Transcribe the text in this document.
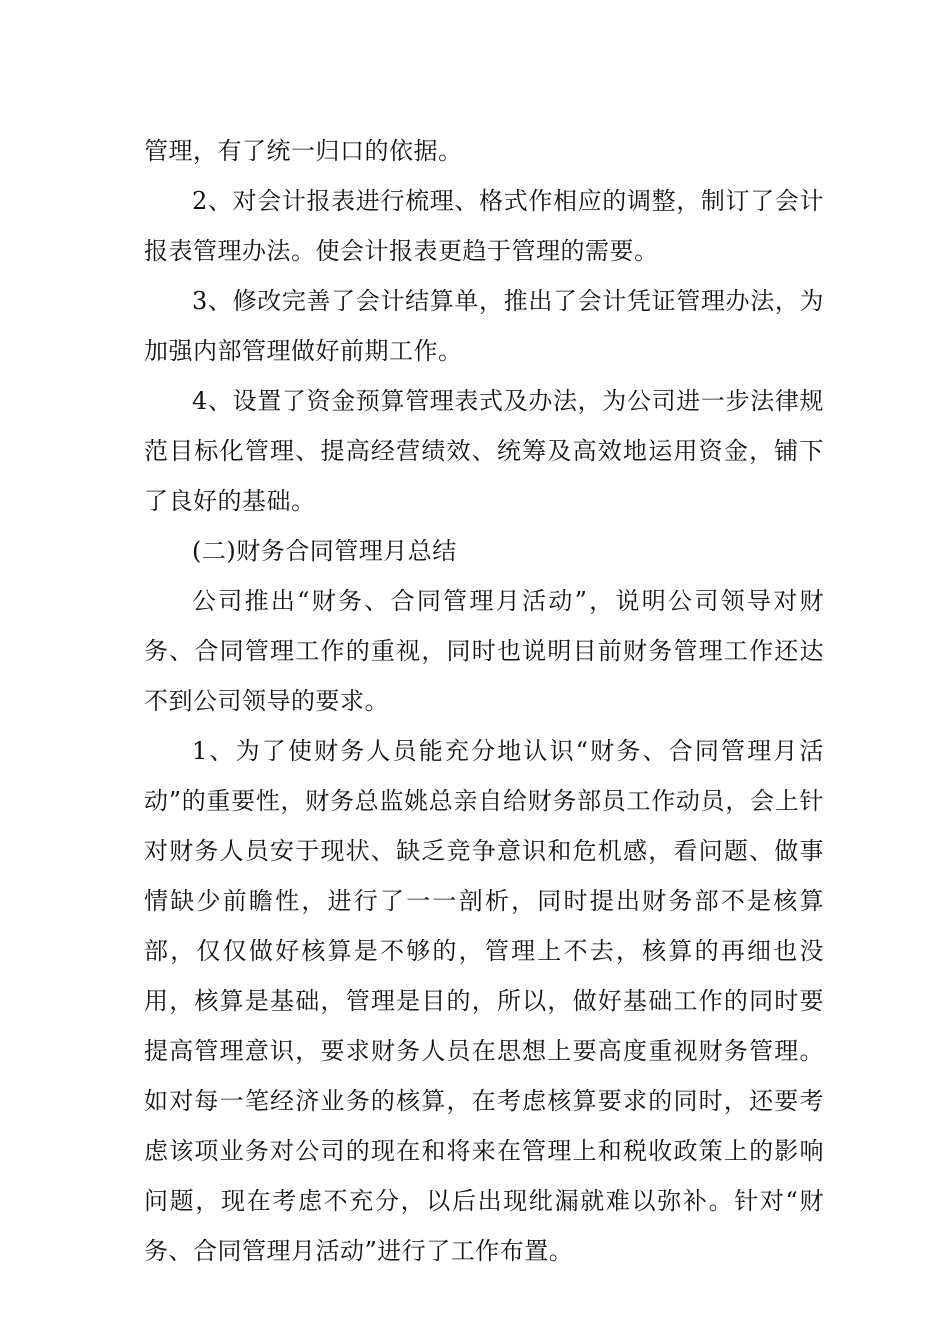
管理，有了统一归口的依据。

2、对会计报表进行梳理、格式作相应的调整，制订了会计报表管理办法。使会计报表更趋于管理的需要。

3、修改完善了会计结算单，推出了会计凭证管理办法，为加强内部管理做好前期工作。

4、设置了资金预算管理表式及办法，为公司进一步法律规范目标化管理、提高经营绩效、统筹及高效地运用资金，铺下了良好的基础。

(二)财务合同管理月总结

公司推出“财务、合同管理月活动”，说明公司领导对财务、合同管理工作的重视，同时也说明目前财务管理工作还达不到公司领导的要求。

1、为了使财务人员能充分地认识“财务、合同管理月活动”的重要性，财务总监姚总亲自给财务部员工作动员，会上针对财务人员安于现状、缺乏竞争意识和危机感，看问题、做事情缺少前瞻性，进行了一一剖析，同时提出财务部不是核算部，仅仅做好核算是不够的，管理上不去，核算的再细也没用，核算是基础，管理是目的，所以，做好基础工作的同时要提高管理意识，要求财务人员在思想上要高度重视财务管理。如对每一笔经济业务的核算，在考虑核算要求的同时，还要考虑该项业务对公司的现在和将来在管理上和税收政策上的影响问题，现在考虑不充分，以后出现纰漏就难以弥补。针对“财务、合同管理月活动”进行了工作布置。
